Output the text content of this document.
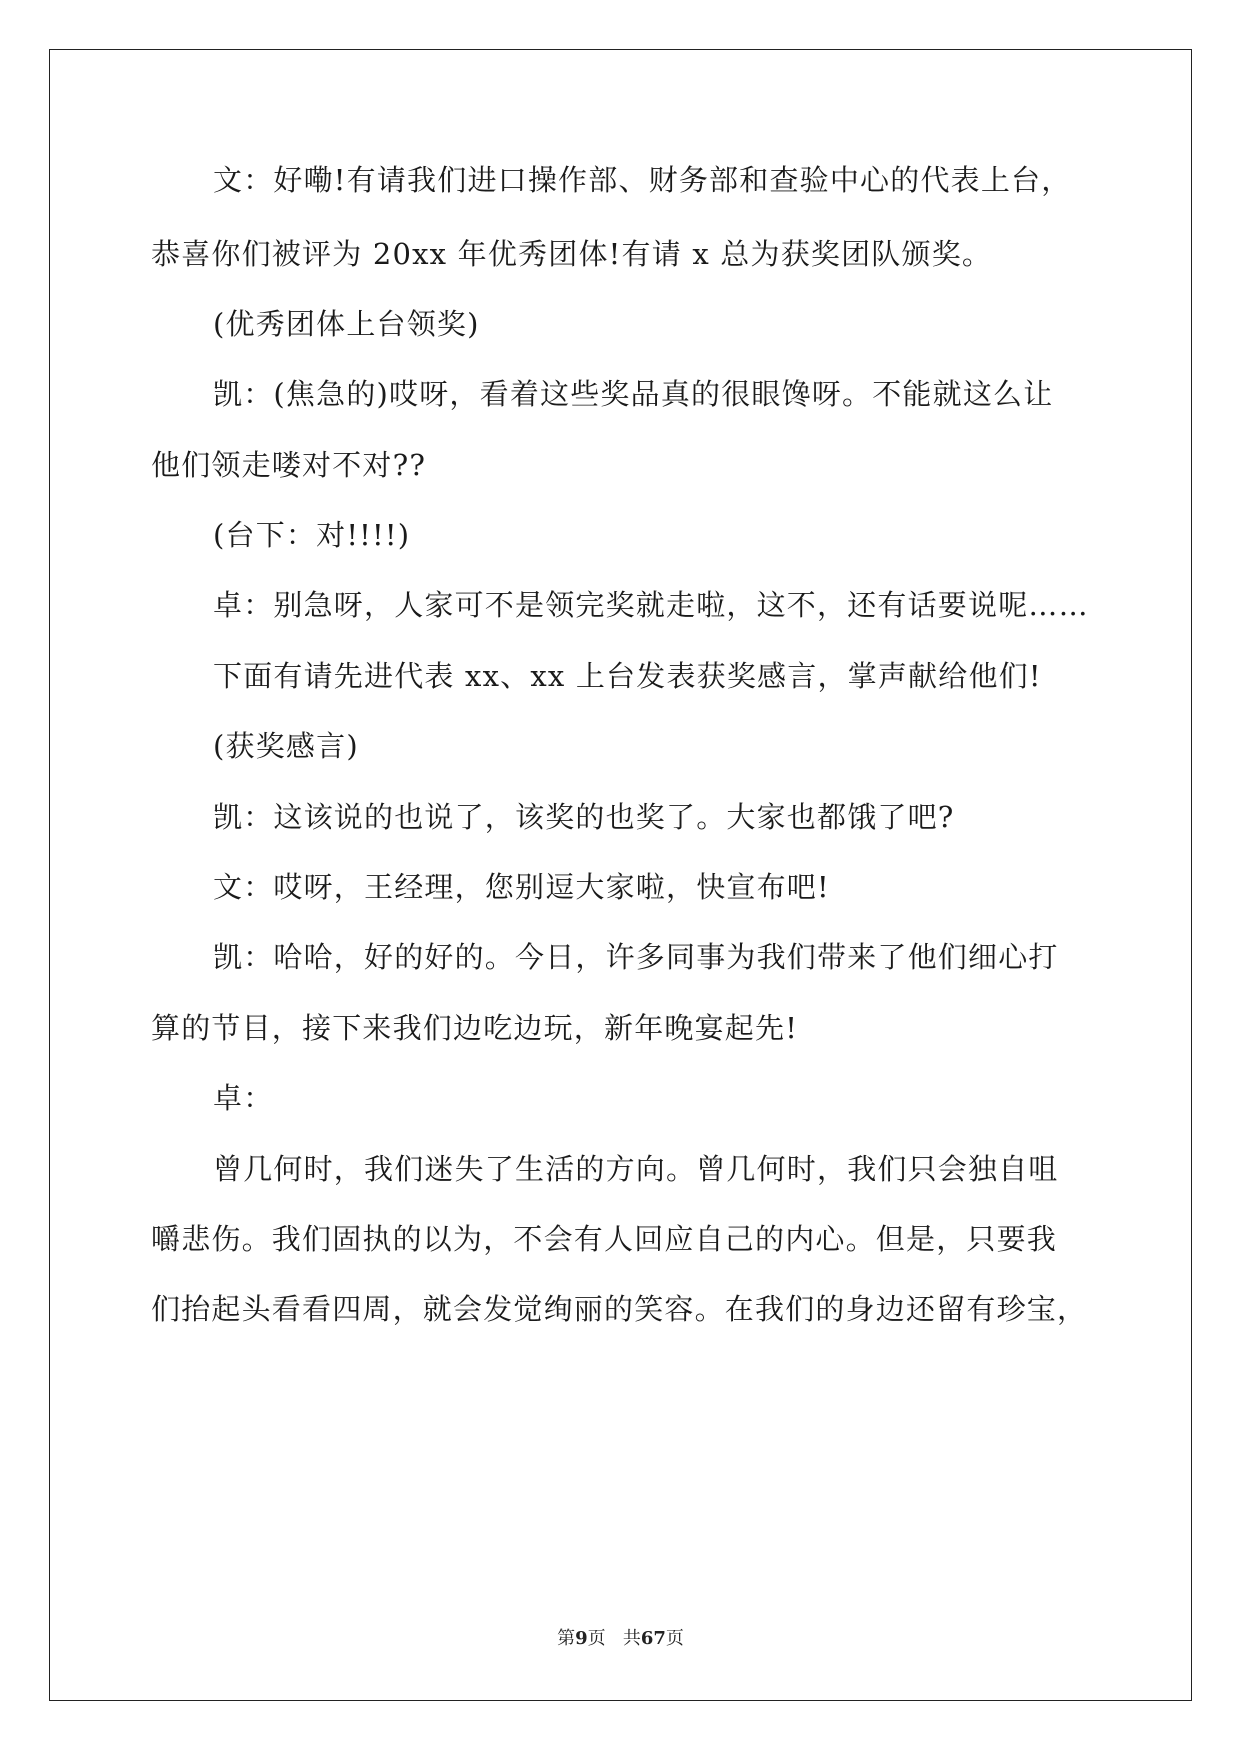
文：好嘞!有请我们进口操作部、财务部和查验中心的代表上台，
恭喜你们被评为 20xx 年优秀团体!有请 x 总为获奖团队颁奖。
(优秀团体上台领奖)
凯：(焦急的)哎呀，看着这些奖品真的很眼馋呀。不能就这么让
他们领走喽对不对??
(台下：对!!!!)
卓：别急呀，人家可不是领完奖就走啦，这不，还有话要说呢……
下面有请先进代表 xx、xx 上台发表获奖感言，掌声献给他们!
(获奖感言)
凯：这该说的也说了，该奖的也奖了。大家也都饿了吧?
文：哎呀，王经理，您别逗大家啦，快宣布吧!
凯：哈哈，好的好的。今日，许多同事为我们带来了他们细心打
算的节目，接下来我们边吃边玩，新年晚宴起先!
卓：
曾几何时，我们迷失了生活的方向。曾几何时，我们只会独自咀
嚼悲伤。我们固执的以为，不会有人回应自己的内心。但是，只要我
们抬起头看看四周，就会发觉绚丽的笑容。在我们的身边还留有珍宝，
第9页 共67页
